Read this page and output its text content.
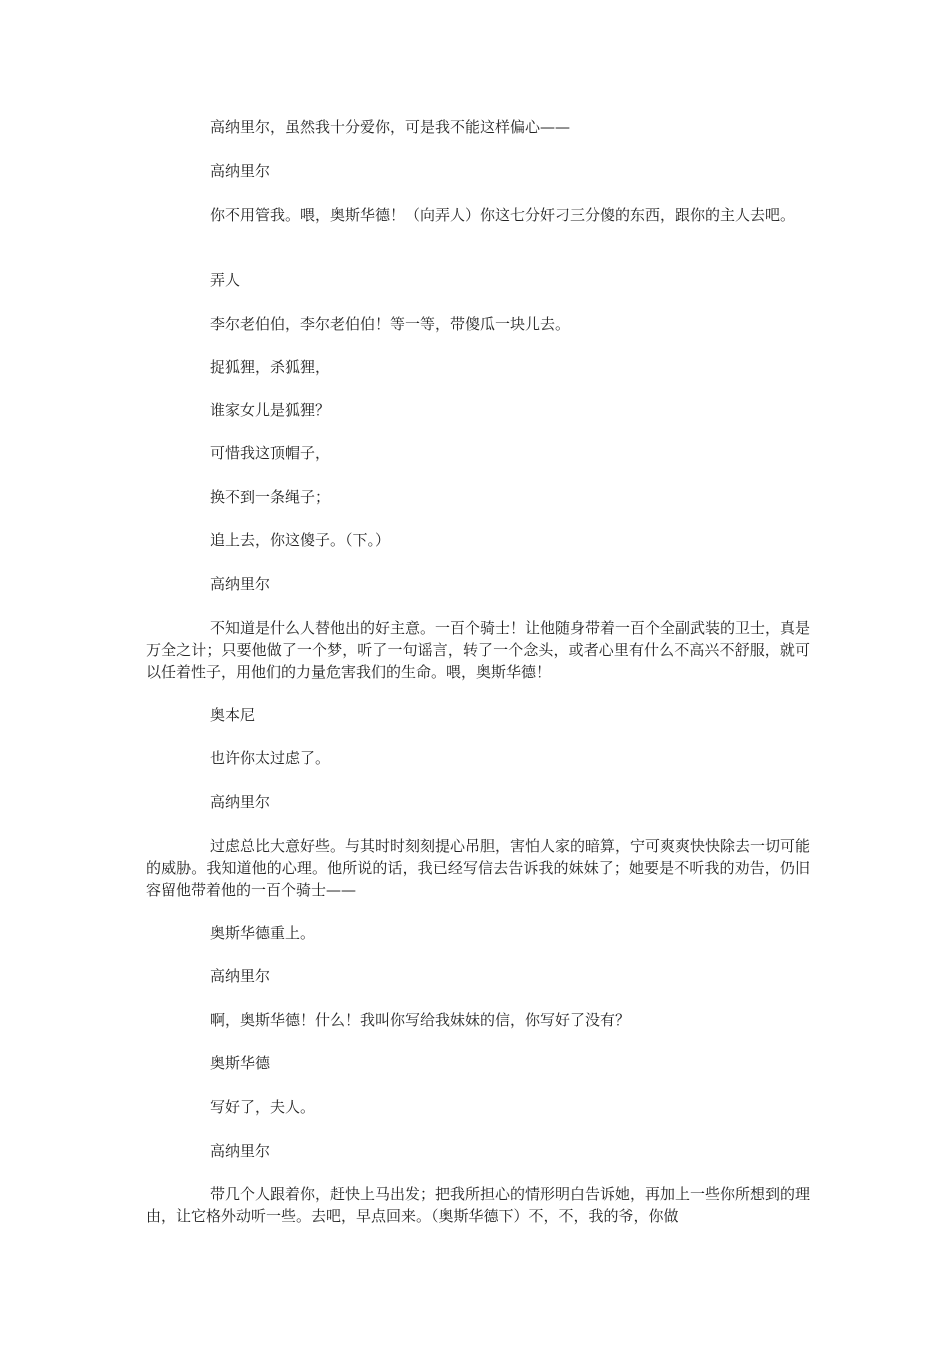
高纳里尔，虽然我十分爱你，可是我不能这样偏心——

高纳里尔

你不用管我。喂，奥斯华德！（向弄人）你这七分奸刁三分傻的东西，跟你的主人去吧。

弄人

李尔老伯伯，李尔老伯伯！等一等，带傻瓜一块儿去。

捉狐狸，杀狐狸，

谁家女儿是狐狸？

可惜我这顶帽子，

换不到一条绳子；

追上去，你这傻子。（下。）

高纳里尔

不知道是什么人替他出的好主意。一百个骑士！让他随身带着一百个全副武装的卫士，真是万全之计；只要他做了一个梦，听了一句谣言，转了一个念头，或者心里有什么不高兴不舒服，就可以任着性子，用他们的力量危害我们的生命。喂，奥斯华德！

奥本尼

也许你太过虑了。

高纳里尔

过虑总比大意好些。与其时时刻刻提心吊胆，害怕人家的暗算，宁可爽爽快快除去一切可能的威胁。我知道他的心理。他所说的话，我已经写信去告诉我的妹妹了；她要是不听我的劝告，仍旧容留他带着他的一百个骑士——

奥斯华德重上。

高纳里尔

啊，奥斯华德！什么！我叫你写给我妹妹的信，你写好了没有？

奥斯华德

写好了，夫人。

高纳里尔

带几个人跟着你，赶快上马出发；把我所担心的情形明白告诉她，再加上一些你所想到的理由，让它格外动听一些。去吧，早点回来。（奥斯华德下）不，不，我的爷，你做
